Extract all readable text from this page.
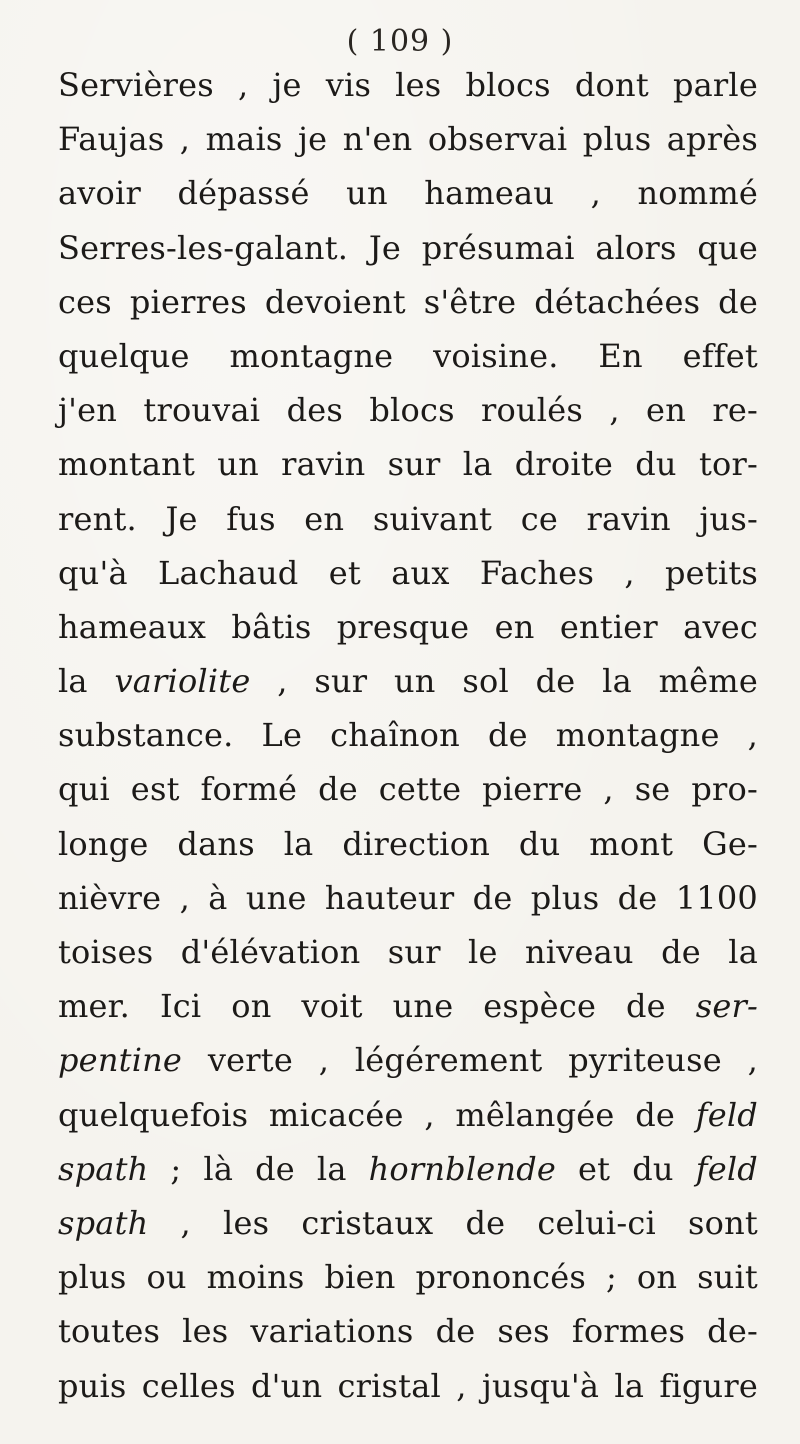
( 109 )
Servières , je vis les blocs dont parle
Faujas , mais je n'en observai plus après
avoir dépassé un hameau , nommé
Serres-les-galant. Je présumai alors que
ces pierres devoient s'être détachées de
quelque montagne voisine. En effet
j'en trouvai des blocs roulés , en re-
montant un ravin sur la droite du tor-
rent. Je fus en suivant ce ravin jus-
qu'à Lachaud et aux Faches , petits
hameaux bâtis presque en entier avec
la variolite , sur un sol de la même
substance. Le chaînon de montagne ,
qui est formé de cette pierre , se pro-
longe dans la direction du mont Ge-
nièvre , à une hauteur de plus de 1100
toises d'élévation sur le niveau de la
mer. Ici on voit une espèce de ser-
pentine verte , légérement pyriteuse ,
quelquefois micacée , mêlangée de feld
spath ; là de la hornblende et du feld
spath , les cristaux de celui-ci sont
plus ou moins bien prononcés ; on suit
toutes les variations de ses formes de-
puis celles d'un cristal , jusqu'à la figure
